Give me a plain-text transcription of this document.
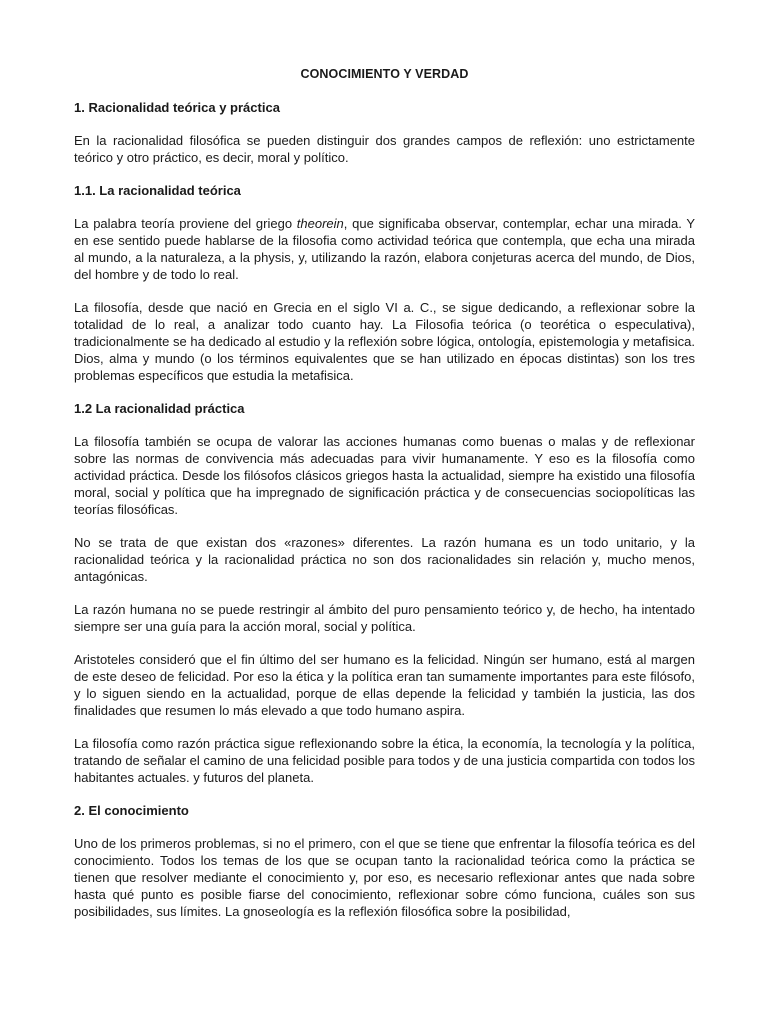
CONOCIMIENTO Y VERDAD
1. Racionalidad teórica y práctica
En la racionalidad filosófica se pueden distinguir dos grandes campos de reflexión: uno estrictamente teórico y otro práctico, es decir, moral y político.
1.1. La racionalidad teórica
La palabra teoría proviene del griego theorein, que significaba observar, contemplar, echar una mirada. Y en ese sentido puede hablarse de la filosofia como actividad teórica que contempla, que echa una mirada al mundo, a la naturaleza, a la physis, y, utilizando la razón, elabora conjeturas acerca del mundo, de Dios, del hombre y de todo lo real.
La filosofía, desde que nació en Grecia en el siglo VI a. C., se sigue dedicando, a reflexionar sobre la totalidad de lo real, a analizar todo cuanto hay. La Filosofia teórica (o teorética o especulativa), tradicionalmente se ha dedicado al estudio y la reflexión sobre lógica, ontología, epistemologia y metafisica. Dios, alma y mundo (o los términos equivalentes que se han utilizado en épocas distintas) son los tres problemas específicos que estudia la metafisica.
1.2 La racionalidad práctica
La filosofía también se ocupa de valorar las acciones humanas como buenas o malas y de reflexionar sobre las normas de convivencia más adecuadas para vivir humanamente. Y eso es la filosofía como actividad práctica. Desde los filósofos clásicos griegos hasta la actualidad, siempre ha existido una filosofía moral, social y política que ha impregnado de significación práctica y de consecuencias sociopolíticas las teorías filosóficas.
No se trata de que existan dos «razones» diferentes. La razón humana es un todo unitario, y la racionalidad teórica y la racionalidad práctica no son dos racionalidades sin relación y, mucho menos, antagónicas.
La razón humana no se puede restringir al ámbito del puro pensamiento teórico y, de hecho, ha intentado siempre ser una guía para la acción moral, social y política.
Aristoteles consideró que el fin último del ser humano es la felicidad. Ningún ser humano, está al margen de este deseo de felicidad. Por eso la ética y la política eran tan sumamente importantes para este filósofo, y lo siguen siendo en la actualidad, porque de ellas depende la felicidad y también la justicia, las dos finalidades que resumen lo más elevado a que todo humano aspira.
La filosofía como razón práctica sigue reflexionando sobre la ética, la economía, la tecnología y la política, tratando de señalar el camino de una felicidad posible para todos y de una justicia compartida con todos los habitantes actuales. y futuros del planeta.
2. El conocimiento
Uno de los primeros problemas, si no el primero, con el que se tiene que enfrentar la filosofía teórica es del conocimiento. Todos los temas de los que se ocupan tanto la racionalidad teórica como la práctica se tienen que resolver mediante el conocimiento y, por eso, es necesario reflexionar antes que nada sobre hasta qué punto es posible fiarse del conocimiento, reflexionar sobre cómo funciona, cuáles son sus posibilidades, sus límites. La gnoseología es la reflexión filosófica sobre la posibilidad,
